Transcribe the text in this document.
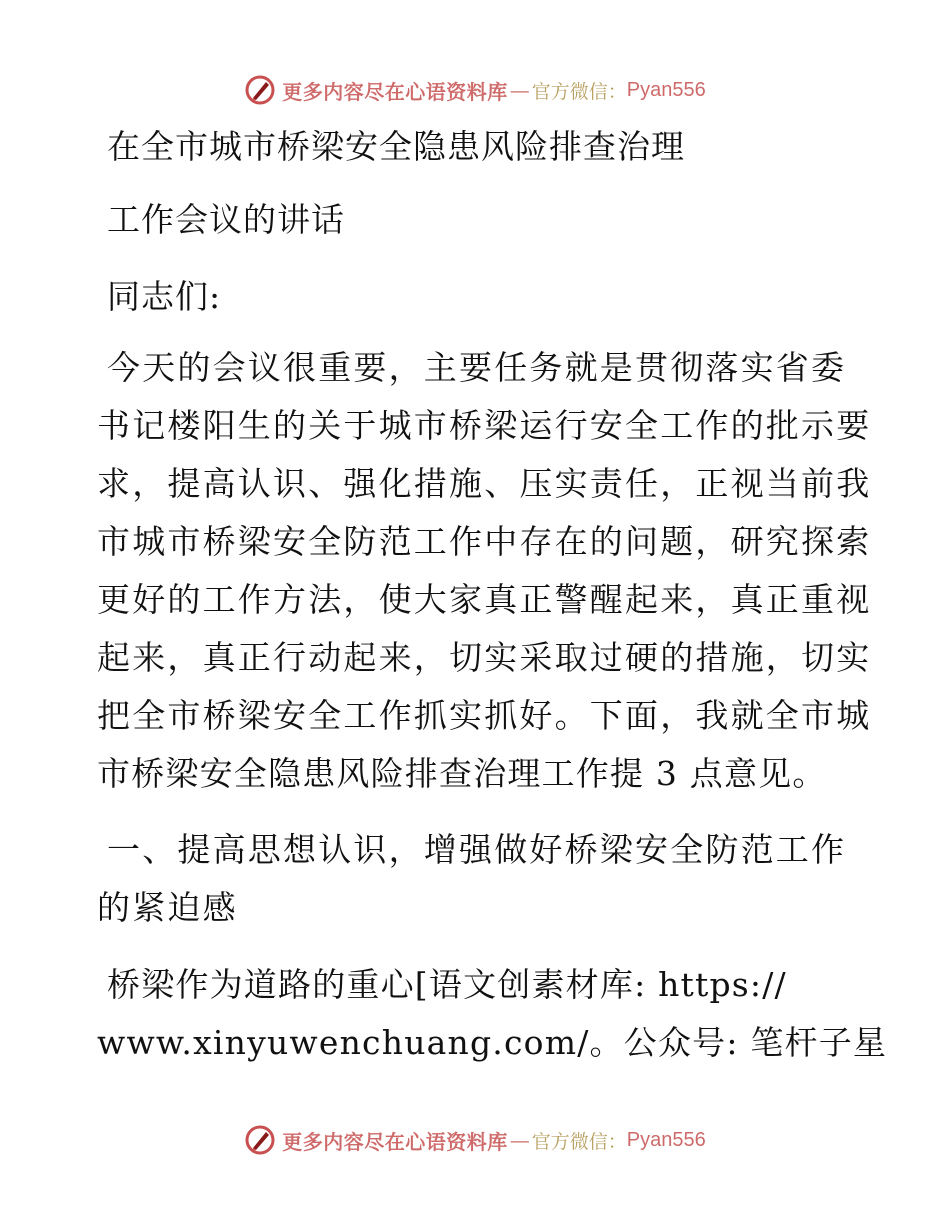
更多内容尽在心语资料库 — 官方微信： Pyan556
在全市城市桥梁安全隐患风险排查治理
工作会议的讲话
同志们:
今天的会议很重要，主要任务就是贯彻落实省委
书记楼阳生的关于城市桥梁运行安全工作的批示要
求，提高认识、强化措施、压实责任，正视当前我
市城市桥梁安全防范工作中存在的问题，研究探索
更好的工作方法，使大家真正警醒起来，真正重视
起来，真正行动起来，切实采取过硬的措施，切实
把全市桥梁安全工作抓实抓好。下面，我就全市城
市桥梁安全隐患风险排查治理工作提 3 点意见。
一、提高思想认识，增强做好桥梁安全防范工作
的紧迫感
桥梁作为道路的重心[语文创素材库: https://
www.xinyuwenchuang.com/。公众号: 笔杆子星
更多内容尽在心语资料库 — 官方微信： Pyan556
